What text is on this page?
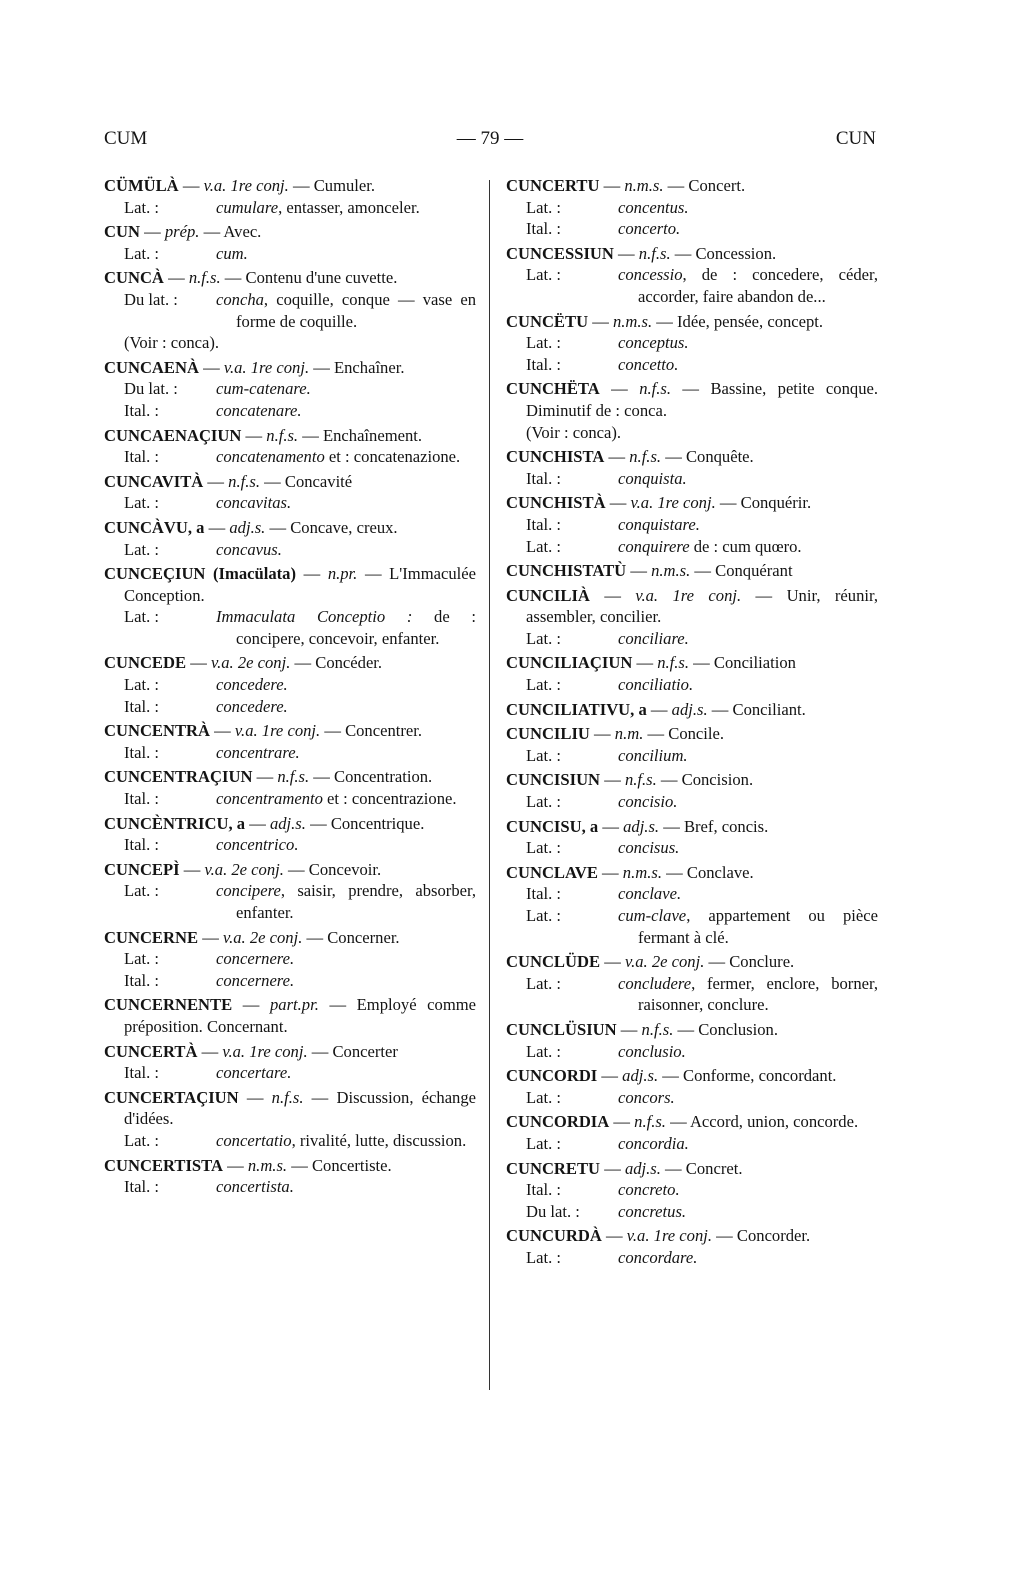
CUM	— 79 —	CUN
CÜMÜLÀ — v.a. 1re conj. — Cumuler.
Lat. :	cumulare, entasser, amonceler.
CUN — prép. — Avec.
Lat. :	cum.
CUNCÀ — n.f.s. — Contenu d'une cuvette.
Du lat. :	concha, coquille, conque — vase en forme de coquille.
(Voir : conca).
CUNCAENÀ — v.a. 1re conj. — Enchaîner.
Du lat. :	cum-catenare.
Ital. :	concatenare.
CUNCAENAÇIUN — n.f.s. — Enchaînement.
Ital. :	concatenamento et : concatenazione.
CUNCAVITÀ — n.f.s. — Concavité
Lat. :	concavitas.
CUNCÀVU, a — adj.s. — Concave, creux.
Lat. :	concavus.
CUNCEÇIUN (Imacülata) — n.pr. — L'Immaculée Conception.
Lat. :	Immaculata Conceptio : de : concipere, concevoir, enfanter.
CUNCEDE — v.a. 2e conj. — Concéder.
Lat. :	concedere.
Ital. :	concedere.
CUNCENTRÀ — v.a. 1re conj. — Concentrer.
Ital. :	concentrare.
CUNCENTRAÇIUN — n.f.s. — Concentration.
Ital. :	concentramento et : concentrazione.
CUNCÈNTRICU, a — adj.s. — Concentrique.
Ital. :	concentrico.
CUNCEPÌ — v.a. 2e conj. — Concevoir.
Lat. :	concipere, saisir, prendre, absorber, enfanter.
CUNCERNE — v.a. 2e conj. — Concerner.
Lat. :	concernere.
Ital. :	concernere.
CUNCERNENTE — part.pr. — Employé comme préposition. Concernant.
CUNCERTÀ — v.a. 1re conj. — Concerter
Ital. :	concertare.
CUNCERTAÇIUN — n.f.s. — Discussion, échange d'idées.
Lat. :	concertatio, rivalité, lutte, discussion.
CUNCERTISTA — n.m.s. — Concertiste.
Ital. :	concertista.
CUNCERTU — n.m.s. — Concert.
Lat. :	concentus.
Ital. :	concerto.
CUNCESSIUN — n.f.s. — Concession.
Lat. :	concessio, de : concedere, céder, accorder, faire abandon de...
CUNCËTU — n.m.s. — Idée, pensée, concept.
Lat. :	conceptus.
Ital. :	concetto.
CUNCHËTA — n.f.s. — Bassine, petite conque. Diminutif de : conca.
(Voir : conca).
CUNCHISTA — n.f.s. — Conquête.
Ital. :	conquista.
CUNCHISTÀ — v.a. 1re conj. — Conquérir.
Ital. :	conquistare.
Lat. :	conquirere de : cum quœro.
CUNCHISTATÙ — n.m.s. — Conquérant
CUNCILIÀ — v.a. 1re conj. — Unir, réunir, assembler, concilier.
Lat. :	conciliare.
CUNCILIAÇIUN — n.f.s. — Conciliation
Lat. :	conciliatio.
CUNCILIATIVU, a — adj.s. — Conciliant.
CUNCILIU — n.m. — Concile.
Lat. :	concilium.
CUNCISIUN — n.f.s. — Concision.
Lat. :	concisio.
CUNCISU, a — adj.s. — Bref, concis.
Lat. :	concisus.
CUNCLAVE — n.m.s. — Conclave.
Ital. :	conclave.
Lat. :	cum-clave, appartement ou pièce fermant à clé.
CUNCLÜDE — v.a. 2e conj. — Conclure.
Lat. :	concludere, fermer, enclore, borner, raisonner, conclure.
CUNCLÜSIUN — n.f.s. — Conclusion.
Lat. :	conclusio.
CUNCORDI — adj.s. — Conforme, concordant.
Lat. :	concors.
CUNCORDIA — n.f.s. — Accord, union, concorde.
Lat. :	concordia.
CUNCRETU — adj.s. — Concret.
Ital. :	concreto.
Du lat. :	concretus.
CUNCURDÀ — v.a. 1re conj. — Concorder.
Lat. :	concordare.
